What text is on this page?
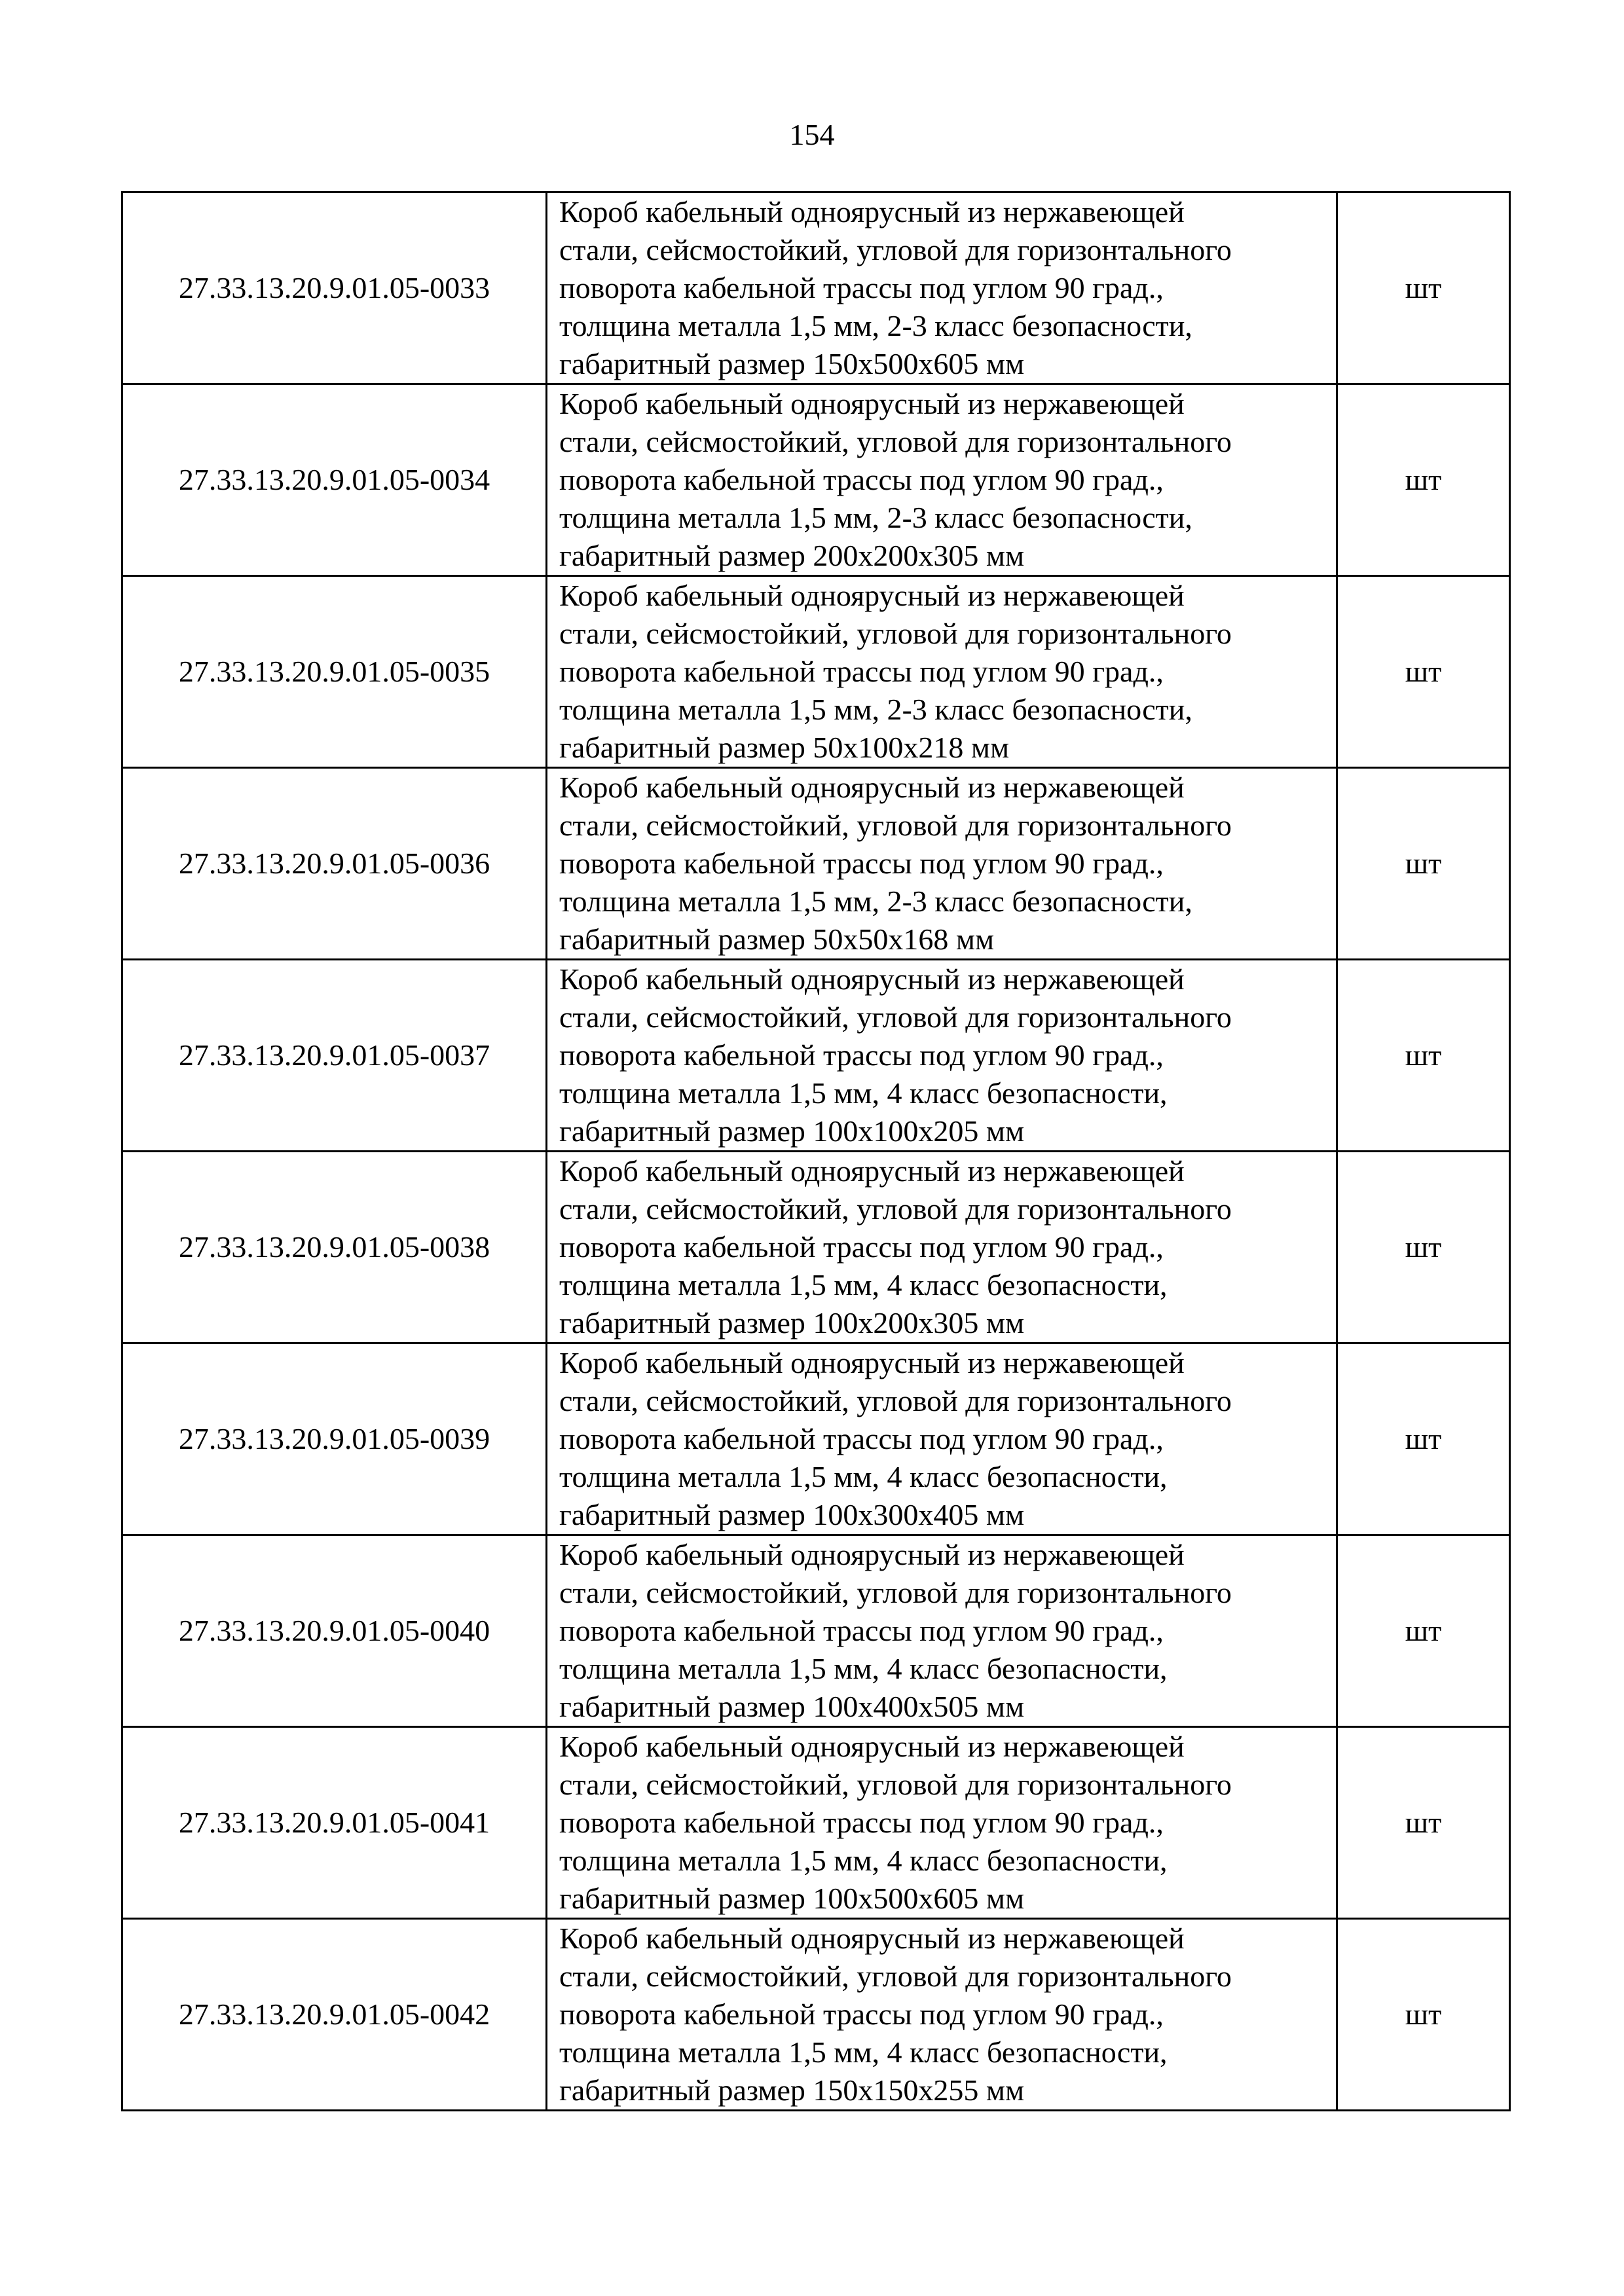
154
27.33.13.20.9.01.05-0033	Короб кабельный одноярусный из нержавеющей
стали, сейсмостойкий, угловой для горизонтального
поворота кабельной трассы под углом 90 град.,
толщина металла 1,5 мм, 2-3 класс безопасности,
габаритный размер 150x500x605 мм	шт
27.33.13.20.9.01.05-0034	Короб кабельный одноярусный из нержавеющей
стали, сейсмостойкий, угловой для горизонтального
поворота кабельной трассы под углом 90 град.,
толщина металла 1,5 мм, 2-3 класс безопасности,
габаритный размер 200x200x305 мм	шт
27.33.13.20.9.01.05-0035	Короб кабельный одноярусный из нержавеющей
стали, сейсмостойкий, угловой для горизонтального
поворота кабельной трассы под углом 90 град.,
толщина металла 1,5 мм, 2-3 класс безопасности,
габаритный размер 50x100x218 мм	шт
27.33.13.20.9.01.05-0036	Короб кабельный одноярусный из нержавеющей
стали, сейсмостойкий, угловой для горизонтального
поворота кабельной трассы под углом 90 град.,
толщина металла 1,5 мм, 2-3 класс безопасности,
габаритный размер 50x50x168 мм	шт
27.33.13.20.9.01.05-0037	Короб кабельный одноярусный из нержавеющей
стали, сейсмостойкий, угловой для горизонтального
поворота кабельной трассы под углом 90 град.,
толщина металла 1,5 мм, 4 класс безопасности,
габаритный размер 100x100x205 мм	шт
27.33.13.20.9.01.05-0038	Короб кабельный одноярусный из нержавеющей
стали, сейсмостойкий, угловой для горизонтального
поворота кабельной трассы под углом 90 град.,
толщина металла 1,5 мм, 4 класс безопасности,
габаритный размер 100x200x305 мм	шт
27.33.13.20.9.01.05-0039	Короб кабельный одноярусный из нержавеющей
стали, сейсмостойкий, угловой для горизонтального
поворота кабельной трассы под углом 90 град.,
толщина металла 1,5 мм, 4 класс безопасности,
габаритный размер 100x300x405 мм	шт
27.33.13.20.9.01.05-0040	Короб кабельный одноярусный из нержавеющей
стали, сейсмостойкий, угловой для горизонтального
поворота кабельной трассы под углом 90 град.,
толщина металла 1,5 мм, 4 класс безопасности,
габаритный размер 100x400x505 мм	шт
27.33.13.20.9.01.05-0041	Короб кабельный одноярусный из нержавеющей
стали, сейсмостойкий, угловой для горизонтального
поворота кабельной трассы под углом 90 град.,
толщина металла 1,5 мм, 4 класс безопасности,
габаритный размер 100x500x605 мм	шт
27.33.13.20.9.01.05-0042	Короб кабельный одноярусный из нержавеющей
стали, сейсмостойкий, угловой для горизонтального
поворота кабельной трассы под углом 90 град.,
толщина металла 1,5 мм, 4 класс безопасности,
габаритный размер 150x150x255 мм	шт
